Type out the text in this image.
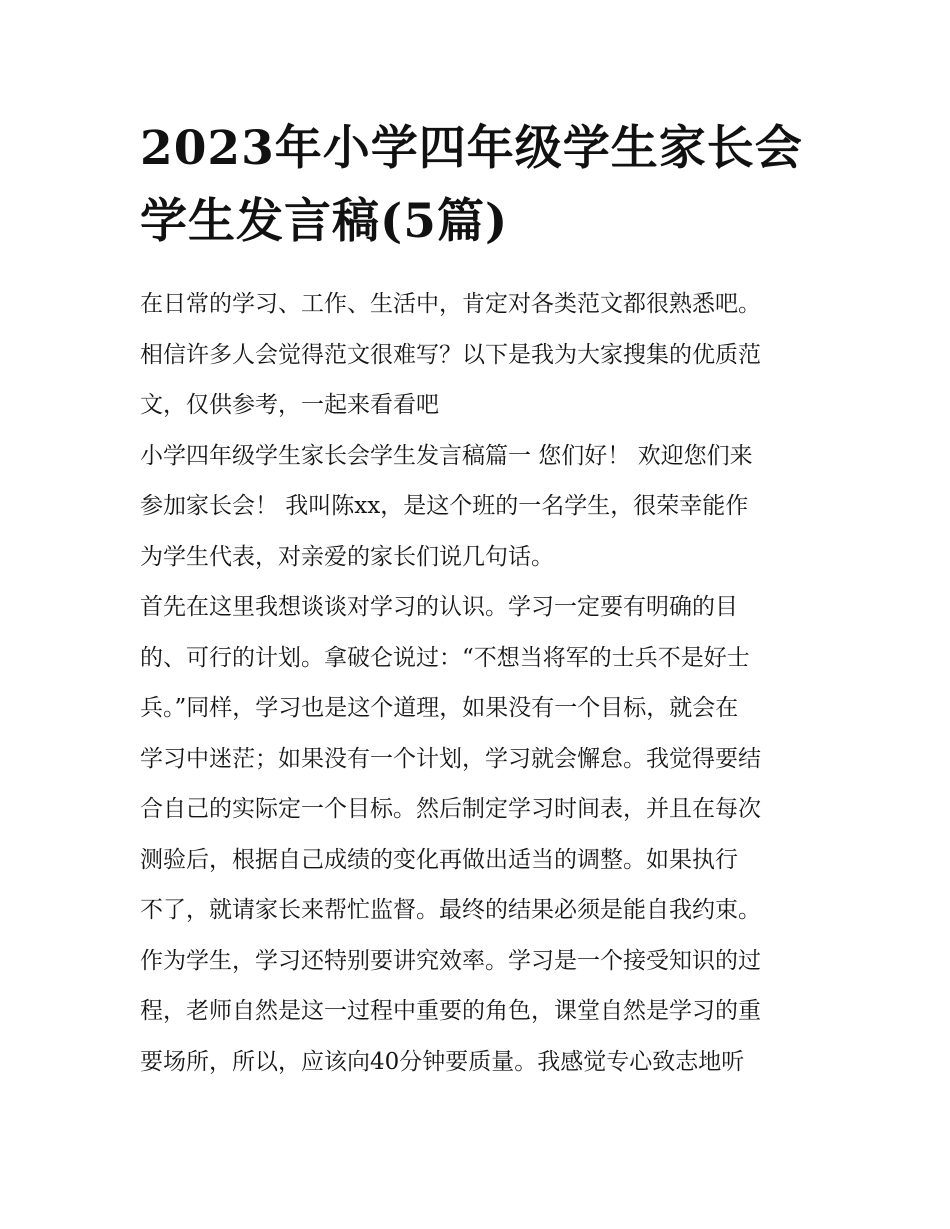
2023年小学四年级学生家长会
学生发言稿(5篇)
在日常的学习、工作、生活中，肯定对各类范文都很熟悉吧。
相信许多人会觉得范文很难写？以下是我为大家搜集的优质范
文，仅供参考，一起来看看吧
小学四年级学生家长会学生发言稿篇一 您们好！ 欢迎您们来
参加家长会！ 我叫陈xx，是这个班的一名学生，很荣幸能作
为学生代表，对亲爱的家长们说几句话。
首先在这里我想谈谈对学习的认识。学习一定要有明确的目
的、可行的计划。拿破仑说过：“不想当将军的士兵不是好士
兵。”同样，学习也是这个道理，如果没有一个目标，就会在
学习中迷茫；如果没有一个计划，学习就会懈怠。我觉得要结
合自己的实际定一个目标。然后制定学习时间表，并且在每次
测验后，根据自己成绩的变化再做出适当的调整。如果执行
不了，就请家长来帮忙监督。最终的结果必须是能自我约束。
作为学生，学习还特别要讲究效率。学习是一个接受知识的过
程，老师自然是这一过程中重要的角色，课堂自然是学习的重
要场所，所以，应该向40分钟要质量。我感觉专心致志地听
